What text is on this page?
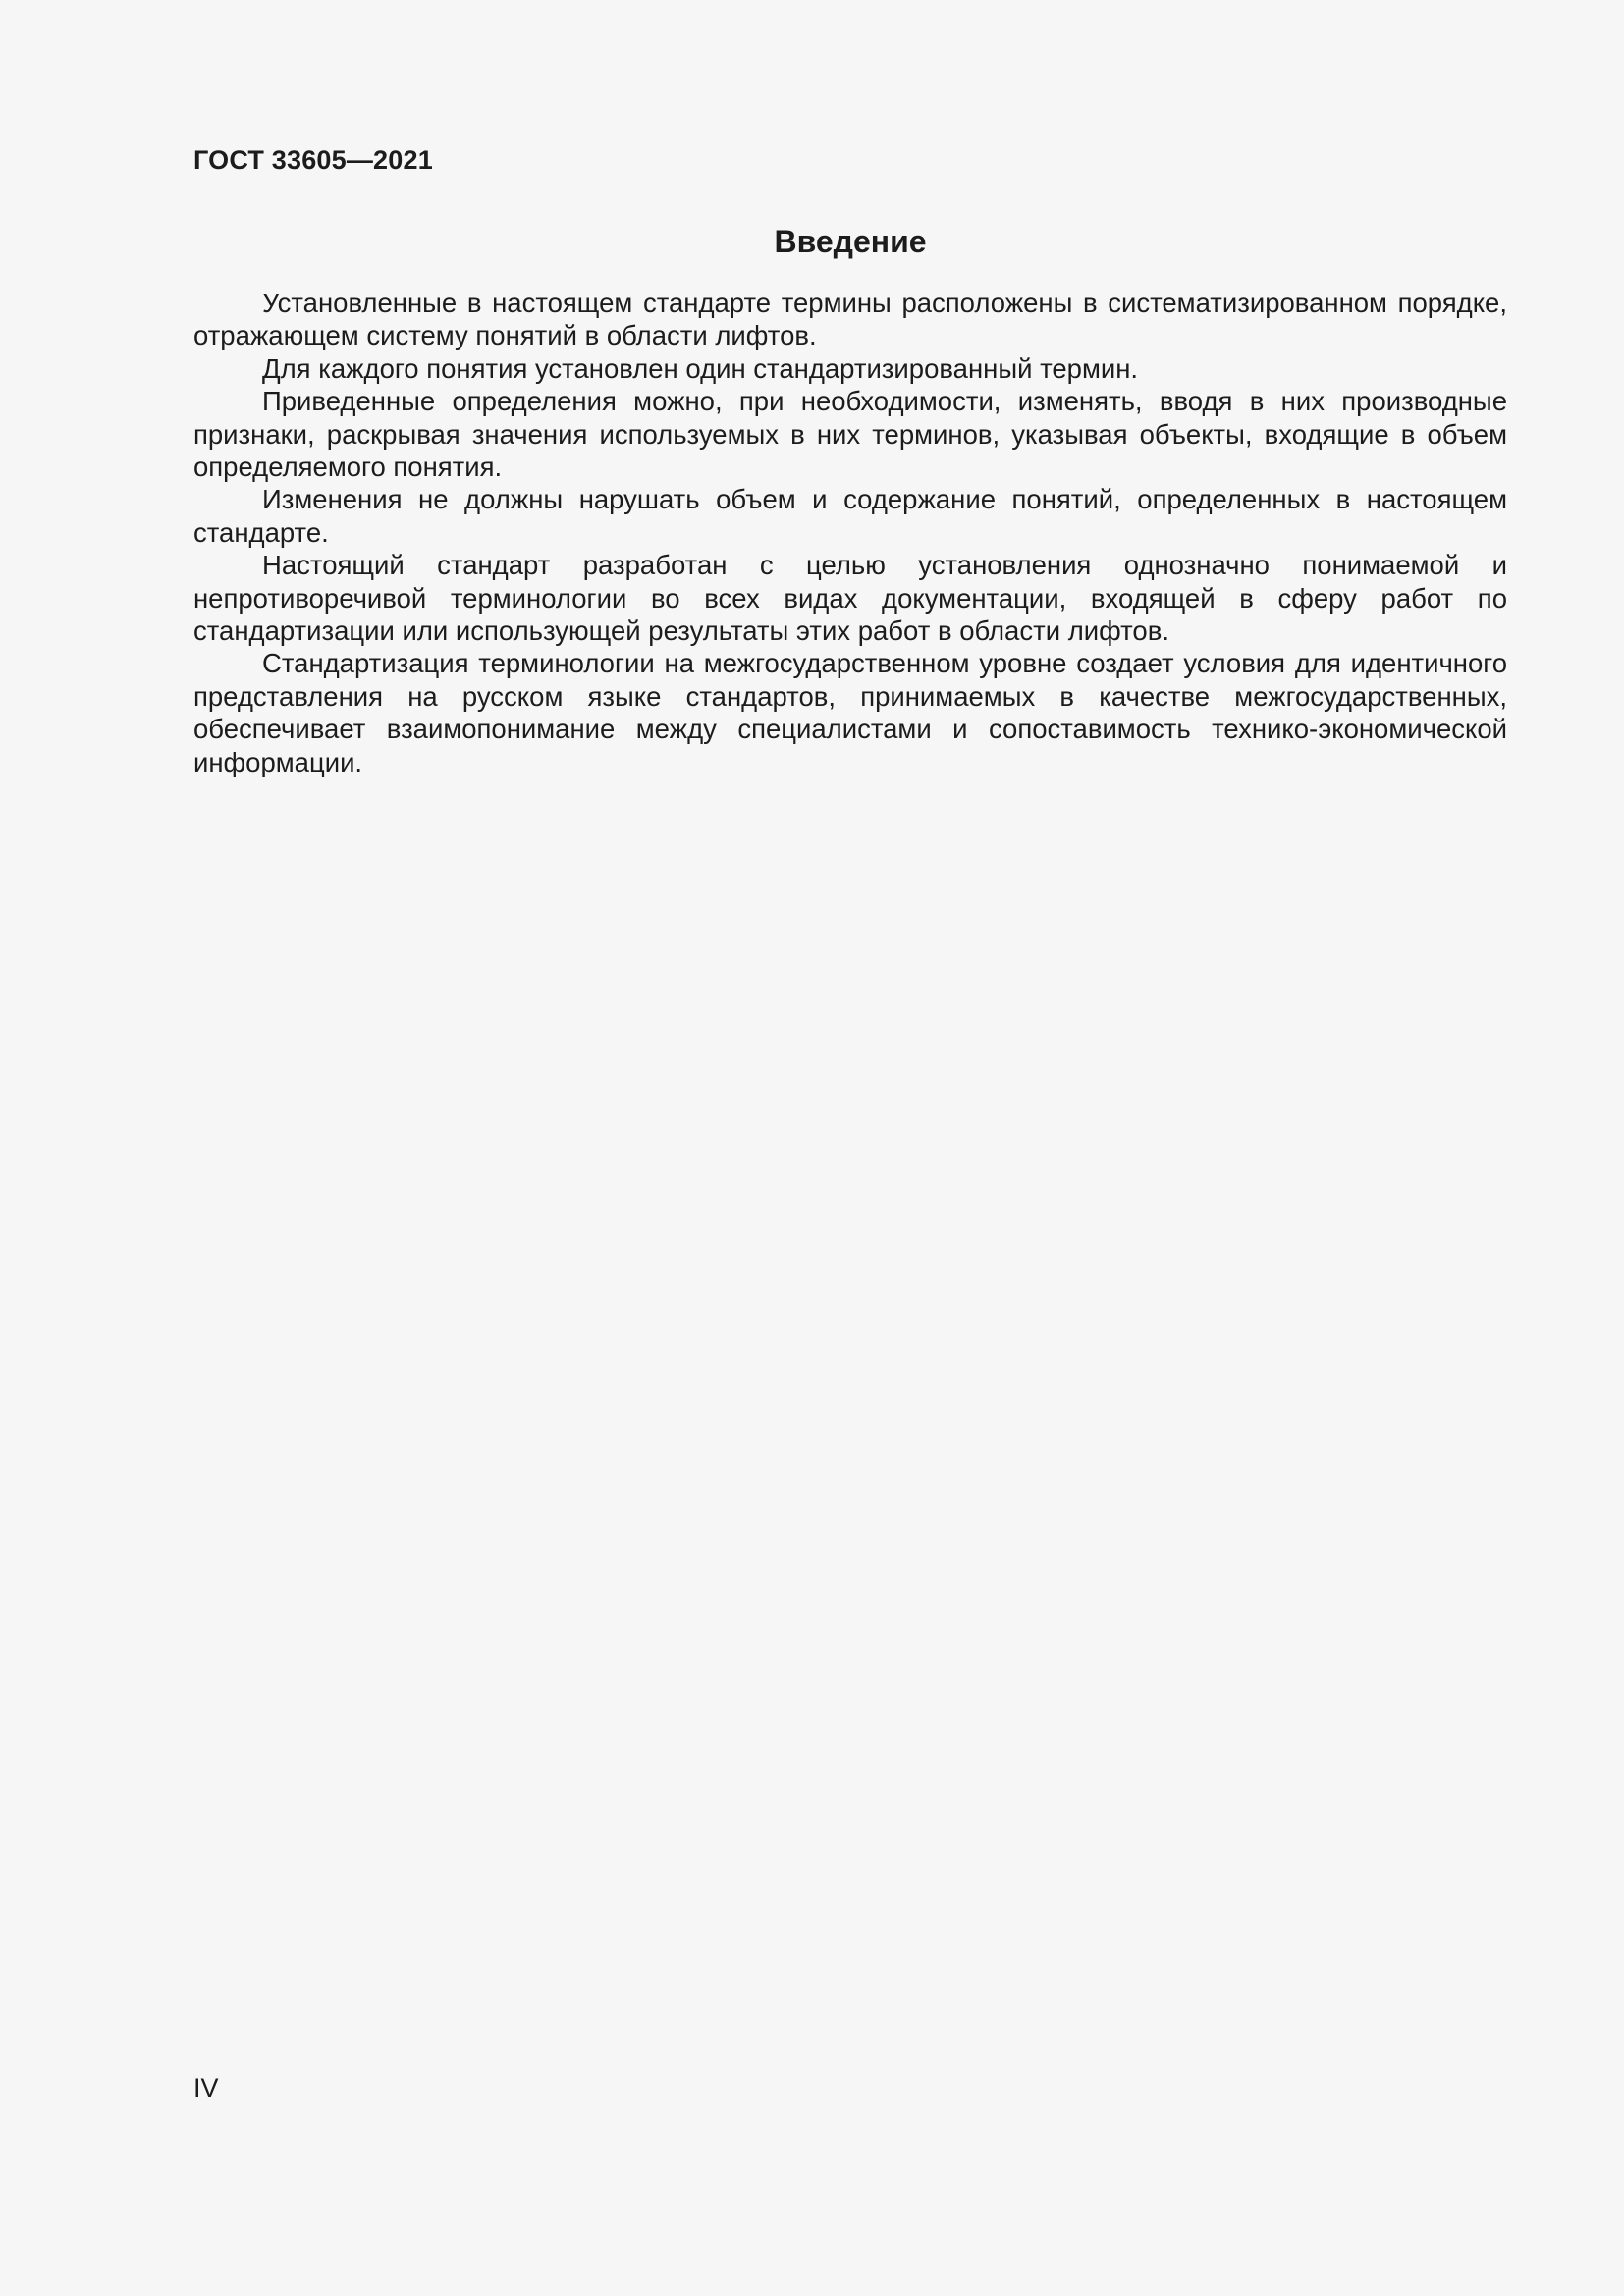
ГОСТ 33605—2021
Введение

Установленные в настоящем стандарте термины расположены в систематизированном порядке, отражающем систему понятий в области лифтов.

Для каждого понятия установлен один стандартизированный термин.

Приведенные определения можно, при необходимости, изменять, вводя в них производные признаки, раскрывая значения используемых в них терминов, указывая объекты, входящие в объем определяемого понятия.

Изменения не должны нарушать объем и содержание понятий, определенных в настоящем стандарте.

Настоящий стандарт разработан с целью установления однозначно понимаемой и непротиворечивой терминологии во всех видах документации, входящей в сферу работ по стандартизации или использующей результаты этих работ в области лифтов.

Стандартизация терминологии на межгосударственном уровне создает условия для идентичного представления на русском языке стандартов, принимаемых в качестве межгосударственных, обеспечивает взаимопонимание между специалистами и сопоставимость технико-экономической информации.

IV
